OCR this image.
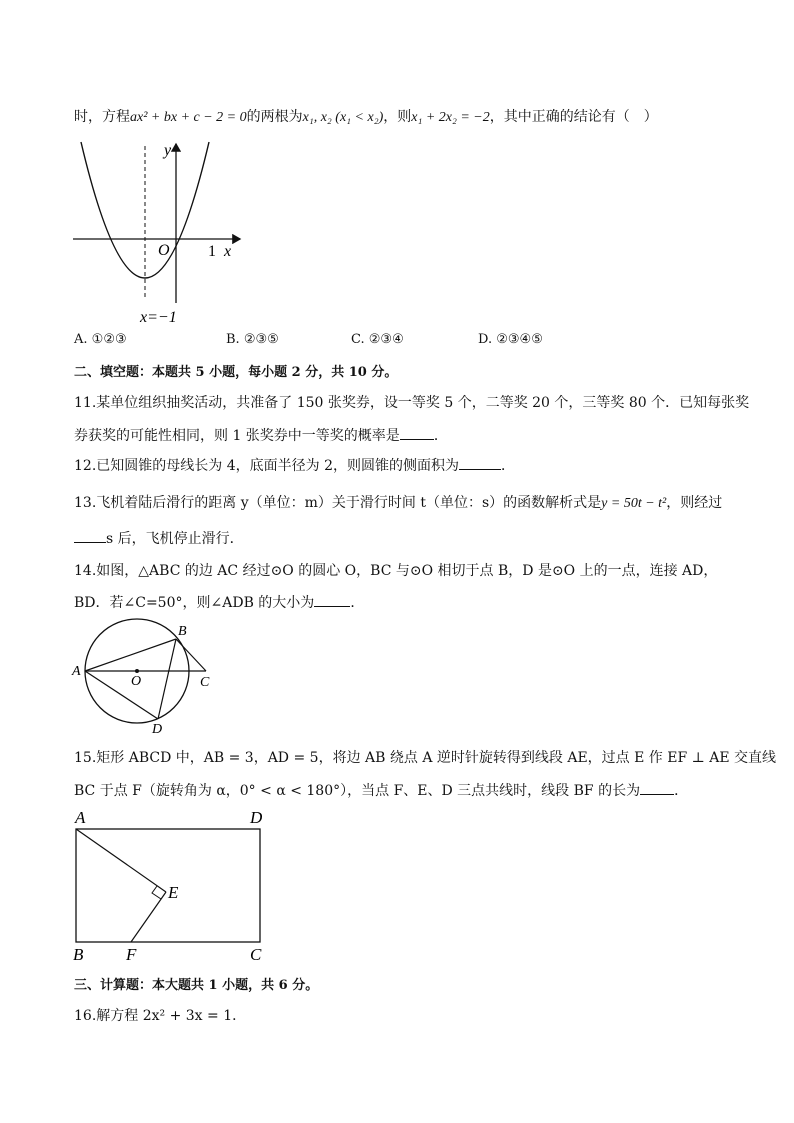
时，方程ax² + bx + c − 2 = 0的两根为x₁, x₂ (x₁ < x₂)，则x₁ + 2x₂ = −2，其中正确的结论有（　）
y
O 1 x
x=−1
A. ①②③	B. ②③⑤	C. ②③④	D. ②③④⑤
二、填空题：本题共 5 小题，每小题 2 分，共 10 分。
11.某单位组织抽奖活动，共准备了 150 张奖券，设一等奖 5 个，二等奖 20 个，三等奖 80 个．已知每张奖
券获奖的可能性相同，则 1 张奖券中一等奖的概率是 ．
12.已知圆锥的母线长为 4，底面半径为 2，则圆锥的侧面积为	．
13.飞机着陆后滑行的距离 y（单位：m）关于滑行时间 t（单位：s）的函数解析式是y = 50t − t²，则经过
s 后，飞机停止滑行．
14.如图，△ABC 的边 AC 经过⊙O 的圆心 O，BC 与⊙O 相切于点 B，D 是⊙O 上的一点，连接 AD，
BD．若∠C=50°，则∠ADB 的大小为	．
A
B
C
D
O
15.矩形 ABCD 中，AB = 3，AD = 5，将边 AB 绕点 A 逆时针旋转得到线段 AE，过点 E 作 EF ⊥ AE 交直线
BC 于点 F（旋转角为 α，0° < α < 180°），当点 F、E、D 三点共线时，线段 BF 的长为 ．
A	D
B	F	C
E
三、计算题：本大题共 1 小题，共 6 分。
16.解方程 2x² + 3x = 1．
